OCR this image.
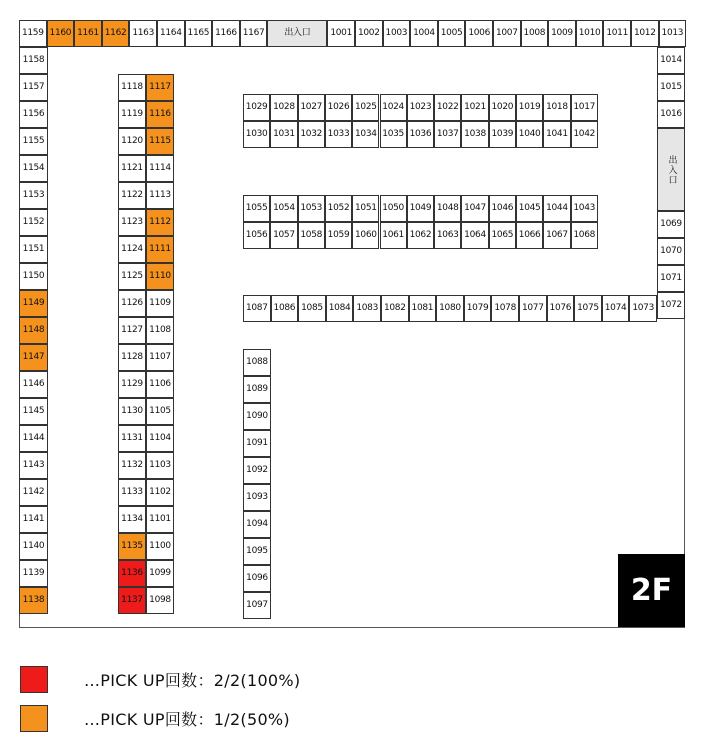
1159 1160 1161 1162 1163 1164 1165 1166 1167	出入口	1001 1002 1003 1004 1005 1006 1007 1008 1009 1010 1011 1012 1013
1158
1157
1156
1155
1154
1153
1152
1151
1150
1149
1148
1147
1146
1145
1144
1143
1142
1141
1140
1139
1138
1014
1015
1016
出入口
1069
1070
1071
1072
1118
1119
1120
1121
1122
1123
1124
1125
1126
1127
1128
1129
1130
1131
1132
1133
1134
1135
1136
1137
1117
1116
1115
1114
1113
1112
1111
1110
1109
1108
1107
1106
1105
1104
1103
1102
1101
1100
1099
1098
1029 1028 1027 1026 1025 1024 1023 1022 1021 1020 1019 1018 1017
1030 1031 1032 1033 1034 1035 1036 1037 1038 1039 1040 1041 1042
1055 1054 1053 1052 1051 1050 1049 1048 1047 1046 1045 1044 1043
1056 1057 1058 1059 1060 1061 1062 1063 1064 1065 1066 1067 1068
1087 1086 1085 1084 1083 1082 1081 1080 1079 1078 1077 1076 1075 1074 1073
1088
1089
1090
1091
1092
1093
1094
1095
1096
1097	2F
…PICK UP回数：2/2(100%)
…PICK UP回数：1/2(50%)
